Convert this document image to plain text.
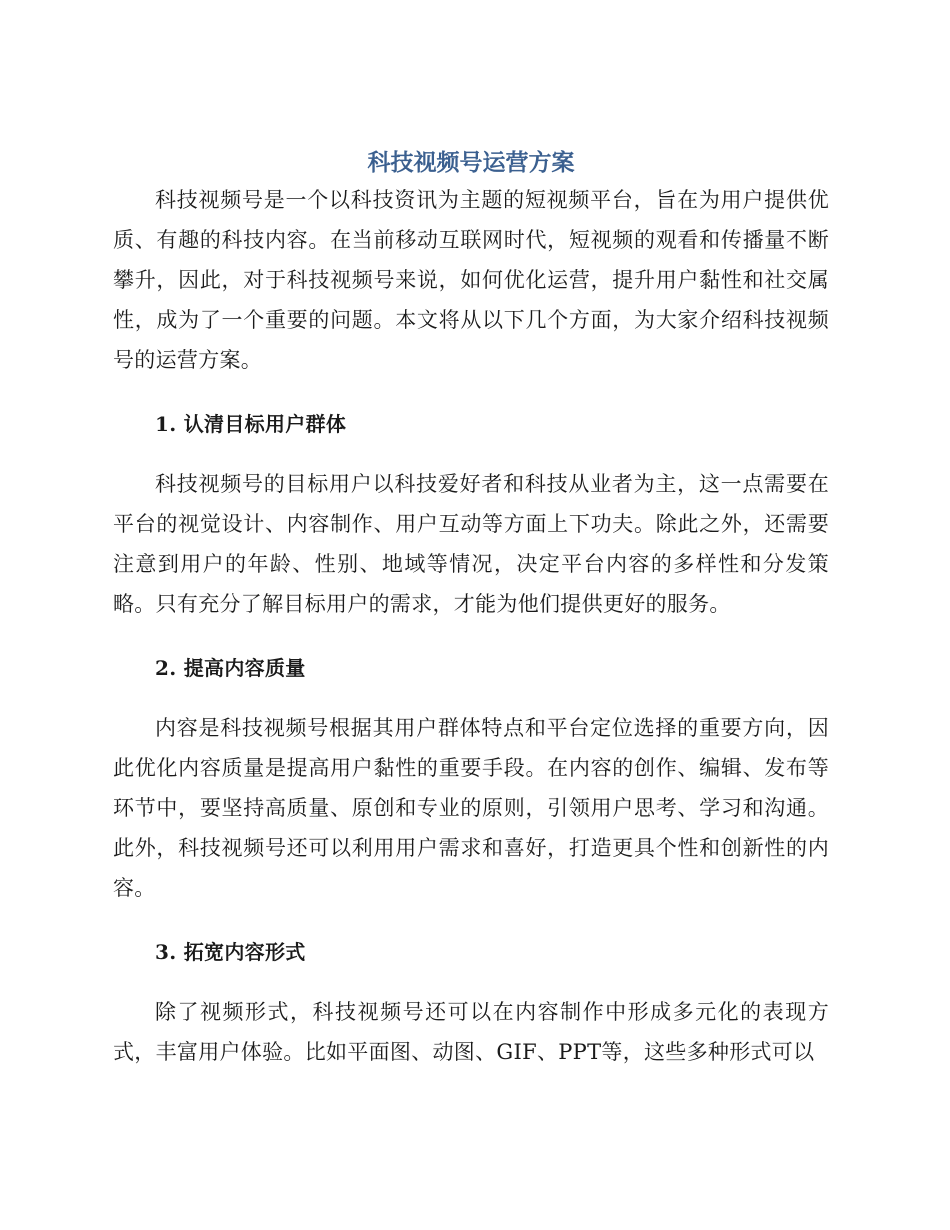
科技视频号运营方案

科技视频号是一个以科技资讯为主题的短视频平台，旨在为用户提供优质、有趣的科技内容。在当前移动互联网时代，短视频的观看和传播量不断攀升，因此，对于科技视频号来说，如何优化运营，提升用户黏性和社交属性，成为了一个重要的问题。本文将从以下几个方面，为大家介绍科技视频号的运营方案。

1. 认清目标用户群体

科技视频号的目标用户以科技爱好者和科技从业者为主，这一点需要在平台的视觉设计、内容制作、用户互动等方面上下功夫。除此之外，还需要注意到用户的年龄、性别、地域等情况，决定平台内容的多样性和分发策略。只有充分了解目标用户的需求，才能为他们提供更好的服务。

2. 提高内容质量

内容是科技视频号根据其用户群体特点和平台定位选择的重要方向，因此优化内容质量是提高用户黏性的重要手段。在内容的创作、编辑、发布等环节中，要坚持高质量、原创和专业的原则，引领用户思考、学习和沟通。此外，科技视频号还可以利用用户需求和喜好，打造更具个性和创新性的内容。

3. 拓宽内容形式

除了视频形式，科技视频号还可以在内容制作中形成多元化的表现方式，丰富用户体验。比如平面图、动图、GIF、PPT等，这些多种形式可以
